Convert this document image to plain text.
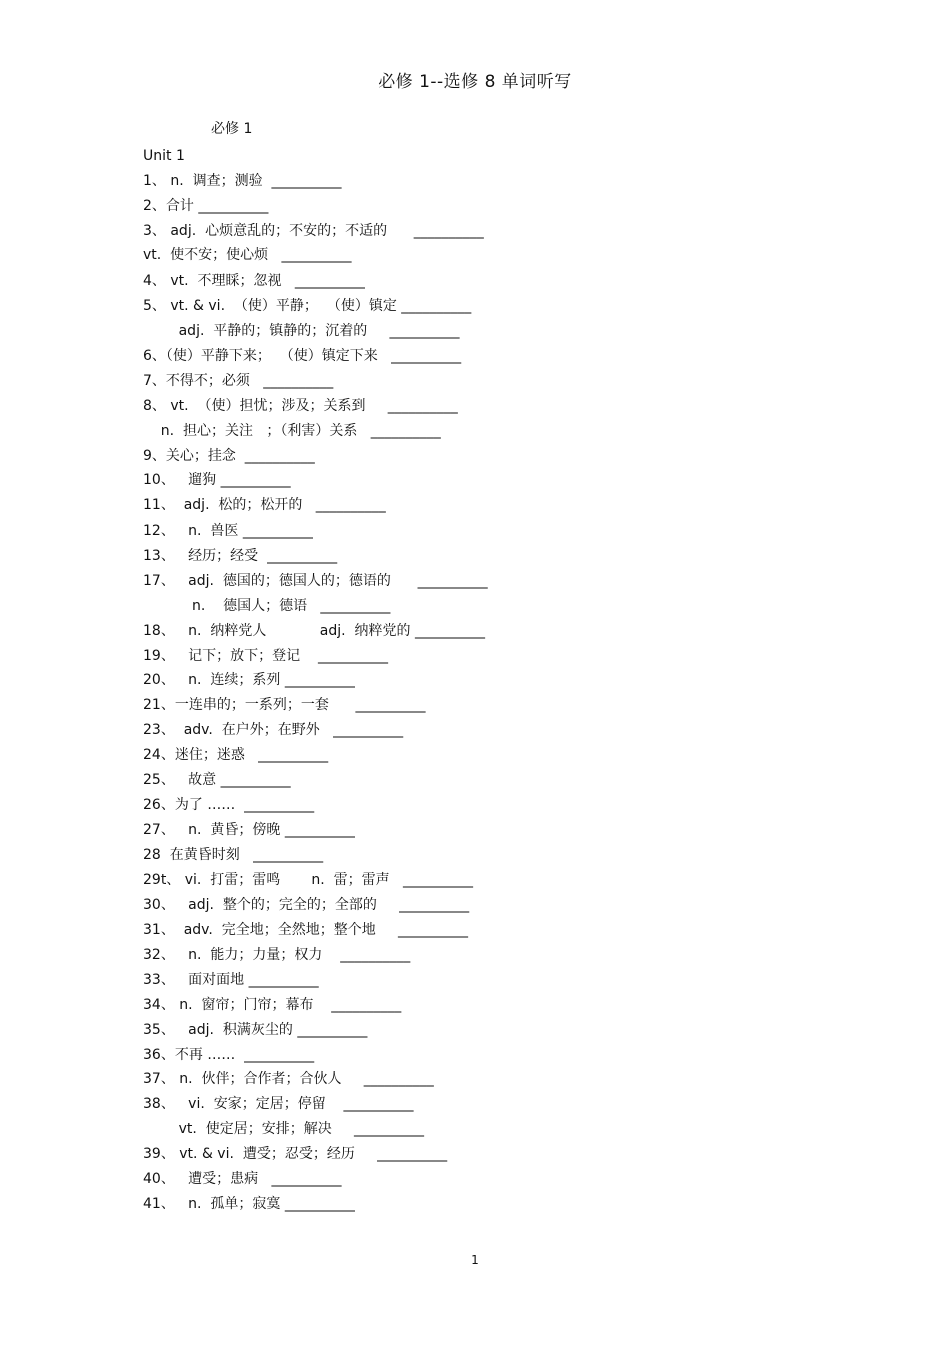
必修 1--选修 8 单词听写
必修 1
Unit 1
1、 n.  调查；测验  __________
2、合计 __________
3、 adj.  心烦意乱的；不安的；不适的      __________
vt.  使不安；使心烦   __________
4、 vt.  不理睬；忽视   __________
5、 vt. & vi.  （使）平静；  （使）镇定 __________
adj.  平静的；镇静的；沉着的     __________
6、（使）平静下来；  （使）镇定下来   __________
7、不得不；必须   __________
8、 vt.  （使）担忧；涉及；关系到     __________
n.  担心；关注   ；（利害）关系   __________
9、关心；挂念  __________
10、   遛狗 __________
11、  adj.  松的；松开的   __________
12、   n.  兽医 __________
13、   经历；经受  __________
17、   adj.  德国的；德国人的；德语的      __________
n.    德国人；德语   __________
18、   n.  纳粹党人            adj.  纳粹党的 __________
19、   记下；放下；登记    __________
20、   n.  连续；系列 __________
21、一连串的；一系列；一套      __________
23、  adv.  在户外；在野外   __________
24、迷住；迷惑   __________
25、   故意 __________
26、为了 ……  __________
27、   n.  黄昏；傍晚 __________
28  在黄昏时刻   __________
29t、 vi.  打雷；雷鸣       n.  雷；雷声   __________
30、   adj.  整个的；完全的；全部的     __________
31、  adv.  完全地；全然地；整个地     __________
32、   n.  能力；力量；权力    __________
33、   面对面地 __________
34、 n.  窗帘；门帘；幕布    __________
35、   adj.  积满灰尘的 __________
36、不再 ……  __________
37、 n.  伙伴；合作者；合伙人     __________
38、   vi.  安家；定居；停留    __________
vt.  使定居；安排；解决     __________
39、 vt. & vi.  遭受；忍受；经历     __________
40、   遭受；患病   __________
41、   n.  孤单；寂寞 __________
1
